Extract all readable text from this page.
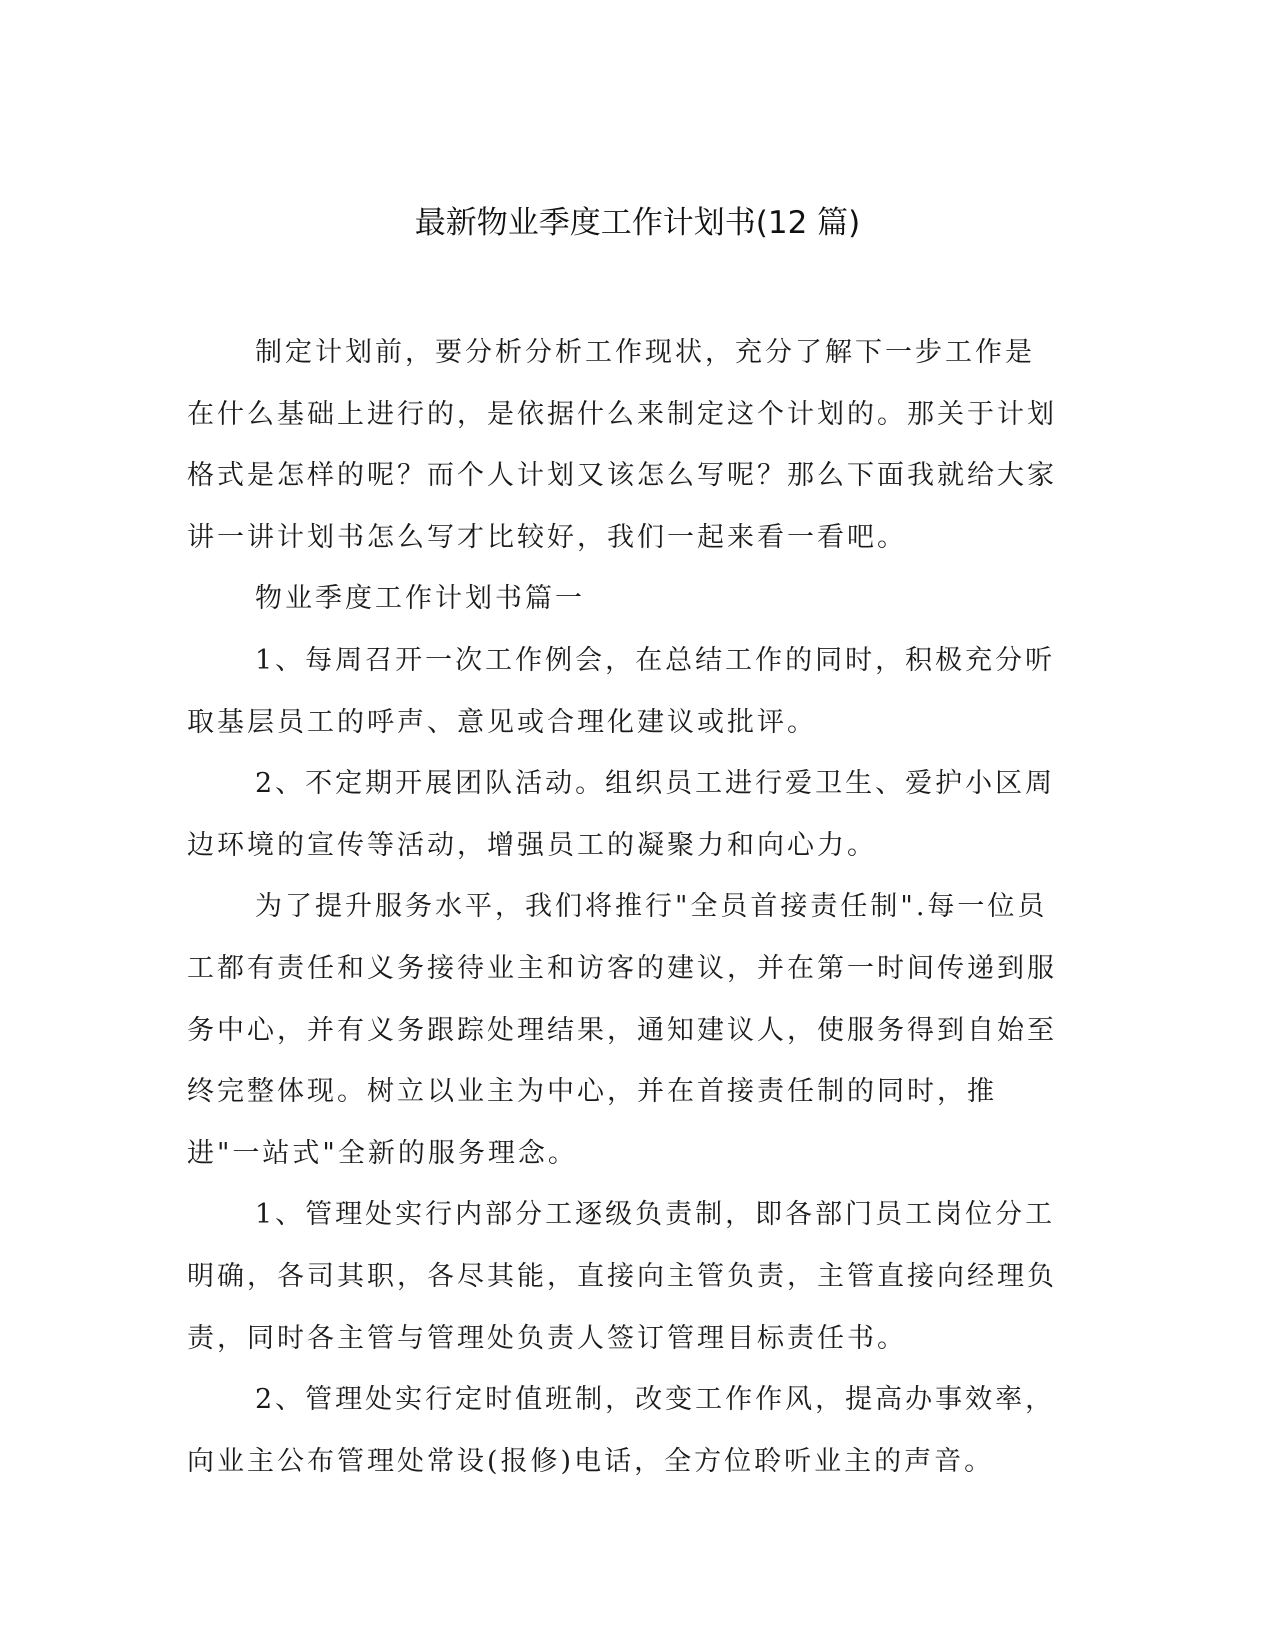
最新物业季度工作计划书(12 篇)

制定计划前，要分析分析工作现状，充分了解下一步工作是在什么基础上进行的，是依据什么来制定这个计划的。那关于计划格式是怎样的呢？而个人计划又该怎么写呢？那么下面我就给大家讲一讲计划书怎么写才比较好，我们一起来看一看吧。

物业季度工作计划书篇一

1、每周召开一次工作例会，在总结工作的同时，积极充分听取基层员工的呼声、意见或合理化建议或批评。

2、不定期开展团队活动。组织员工进行爱卫生、爱护小区周边环境的宣传等活动，增强员工的凝聚力和向心力。

为了提升服务水平，我们将推行"全员首接责任制".每一位员工都有责任和义务接待业主和访客的建议，并在第一时间传递到服务中心，并有义务跟踪处理结果，通知建议人，使服务得到自始至终完整体现。树立以业主为中心，并在首接责任制的同时，推进"一站式"全新的服务理念。

1、管理处实行内部分工逐级负责制，即各部门员工岗位分工明确，各司其职，各尽其能，直接向主管负责，主管直接向经理负责，同时各主管与管理处负责人签订管理目标责任书。

2、管理处实行定时值班制，改变工作作风，提高办事效率，向业主公布管理处常设(报修)电话，全方位聆听业主的声音。
